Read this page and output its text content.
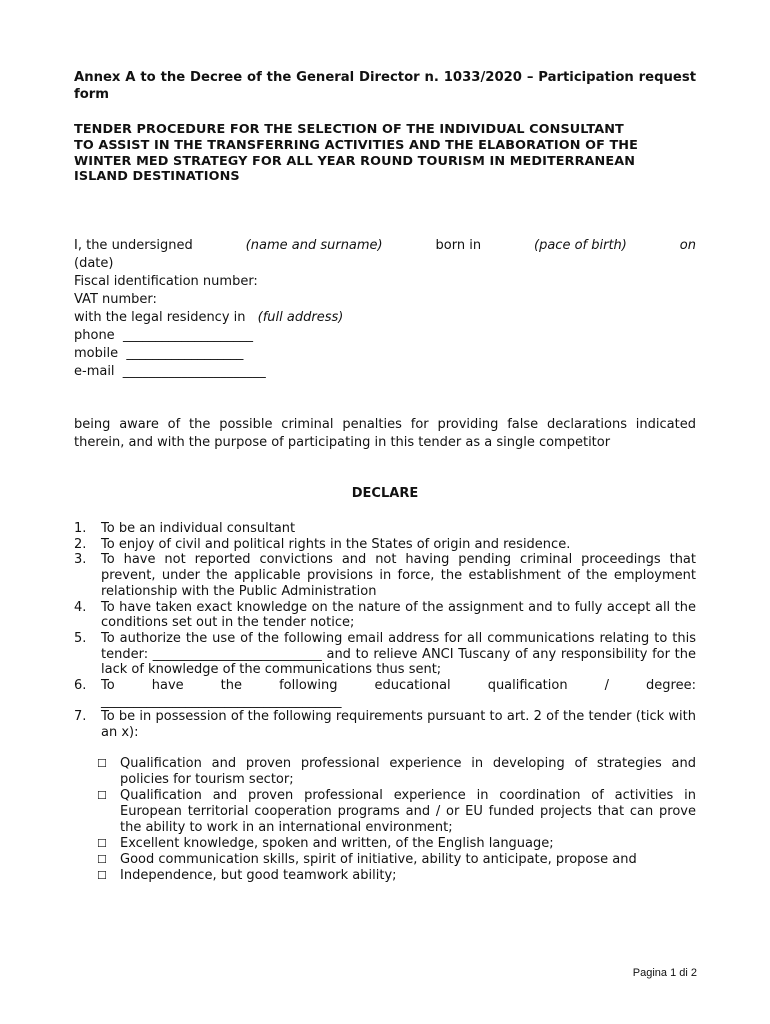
Annex A to the Decree of the General Director n. 1033/2020 – Participation request form
TENDER PROCEDURE FOR THE SELECTION OF THE INDIVIDUAL CONSULTANT
TO ASSIST IN THE TRANSFERRING ACTIVITIES AND THE ELABORATION OF THE
WINTER MED STRATEGY FOR ALL YEAR ROUND TOURISM IN MEDITERRANEAN
ISLAND DESTINATIONS
I, the undersigned	(name and surname)	born in	(pace of birth)	on
(date)
Fiscal identification number:
VAT number:
with the legal residency in (full address)
phone  ____________________
mobile  __________________
e-mail  ______________________
being aware of the possible criminal penalties for providing false declarations indicated therein, and with the purpose of participating in this tender as a single competitor
DECLARE
1.	To be an individual consultant
2.	To enjoy of civil and political rights in the States of origin and residence.
3.	To have not reported convictions and not having pending criminal proceedings that prevent, under the applicable provisions in force, the establishment of the employment relationship with the Public Administration
4.	To have taken exact knowledge on the nature of the assignment and to fully accept all the conditions set out in the tender notice;
5.	To authorize the use of the following email address for all communications relating to this tender: __________________________ and to relieve ANCI Tuscany of any responsibility for the lack of knowledge of the communications thus sent;
6.	To have the following educational qualification / degree:
_____________________________________
7.	To be in possession of the following requirements pursuant to art. 2 of the tender (tick with an x):
☐	Qualification and proven professional experience in developing of strategies and policies for tourism sector;
☐	Qualification and proven professional experience in coordination of activities in European territorial cooperation programs and / or EU funded projects that can prove the ability to work in an international environment;
☐	Excellent knowledge, spoken and written, of the English language;
☐	Good communication skills, spirit of initiative, ability to anticipate, propose and
☐	Independence, but good teamwork ability;
Pagina 1 di 2
